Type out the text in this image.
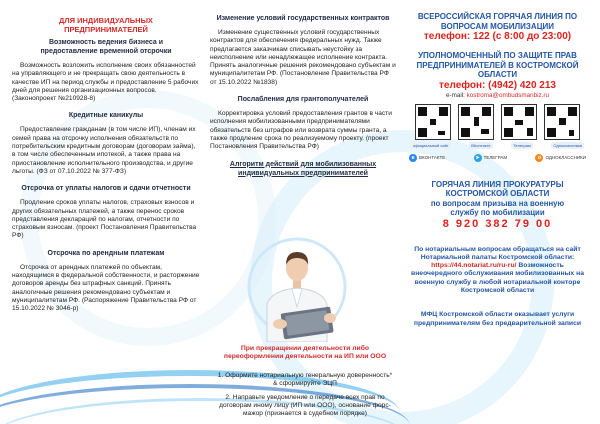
ДЛЯ ИНДИВИДУАЛЬНЫХ ПРЕДПРИНИМАТЕЛЕЙ
Возможность ведения бизнеса и предоставление временной отсрочки

Возможность возложить исполнение своих обязанностей на управляющего и не прекращать свою деятельность в качестве ИП на период службы и предоставление 5 рабочих дней для решения организационных вопросов. (Законопроект №210928-8)

Кредитные каникулы

Предоставление гражданам (в том числе ИП), членам их семей права на отсрочку исполнения обязательств по потребительским кредитным договорам (договорам займа), в том числе обеспеченным ипотекой, а также права на приостановление исполнительного производства, и другие льготы. (ФЗ от 07.10.2022 № 377-ФЗ)

Отсрочка от уплаты налогов и сдачи отчетности

Продление сроков уплаты налогов, страховых взносов и других обязательных платежей, а также перенос сроков представления деклараций по налогам, отчетности по страховым взносам. (проект Постановления Правительства РФ)

Отсрочка по арендным платежам

Отсрочка от арендных платежей по объектам, находящимся в федеральной собственности, и расторжение договоров аренды без штрафных санкций. Принять аналогичные решения рекомендовано субъектам и муниципалитетам РФ. (Распоряжение Правительства РФ от 15.10.2022 № 3046-р)

Изменение условий государственных контрактов

Изменение существенных условий государственных контрактов для обеспечения федеральных нужд. Также предлагается заказчикам списывать неустойку за неисполнение или ненадлежащее исполнение контракта. Принять аналогичные решения рекомендовано субъектам и муниципалитетам РФ. (Постановление Правительства РФ от 15.10.2022 №1838)

Послабления для грантополучателей

Корректировка условий предоставления грантов в части исполнения мобилизованными предпринимателями обязательств без штрафов или возврата суммы гранта, а также продление срока по реализуемому проекту. (проект Постановления Правительства РФ)

Алгоритм действий для мобилизованных индивидуальных предпринимателей
При прекращении деятельности либо переоформлении деятельности на ИП или ООО
1. Оформите нотариальную генеральную доверенность* & сформируйте ЭЦП
2. Направьте уведомление о передаче всех прав по договорам иному лицу (ИП или ООО), основание форс-мажор (признается в судебном порядке)
ВСЕРОССИЙСКАЯ ГОРЯЧАЯ ЛИНИЯ ПО ВОПРОСАМ МОБИЛИЗАЦИИ
телефон: 122 (с 8:00 до 23:00)
УПОЛНОМОЧЕННЫЙ ПО ЗАЩИТЕ ПРАВ ПРЕДПРИНИМАТЕЛЕЙ В КОСТРОМСКОЙ ОБЛАСТИ
телефон: (4942) 420 213
e-mail: kostroma@ombudsmanbiz.ru
официальный сайт	ВКонтакте	Телеграм	Одноклассники
в ВКОНТАКТЕ	➤ ТЕЛЕГРАМ	o ОДНОКЛАССНИКИ
ГОРЯЧАЯ ЛИНИЯ ПРОКУРАТУРЫ КОСТРОМСКОЙ ОБЛАСТИ
по вопросам призыва на военную службу по мобилизации
8 920 382 79 00
По нотариальным вопросам обращаться на сайт Нотариальной палаты Костромской области: https://44.notariat.ru/ru-ru/ Возможность внеочередного обслуживания мобилизованных на военную службу в любой нотариальной конторе Костромской области
МФЦ Костромской области оказывает услуги предпринимателям без предварительной записи
